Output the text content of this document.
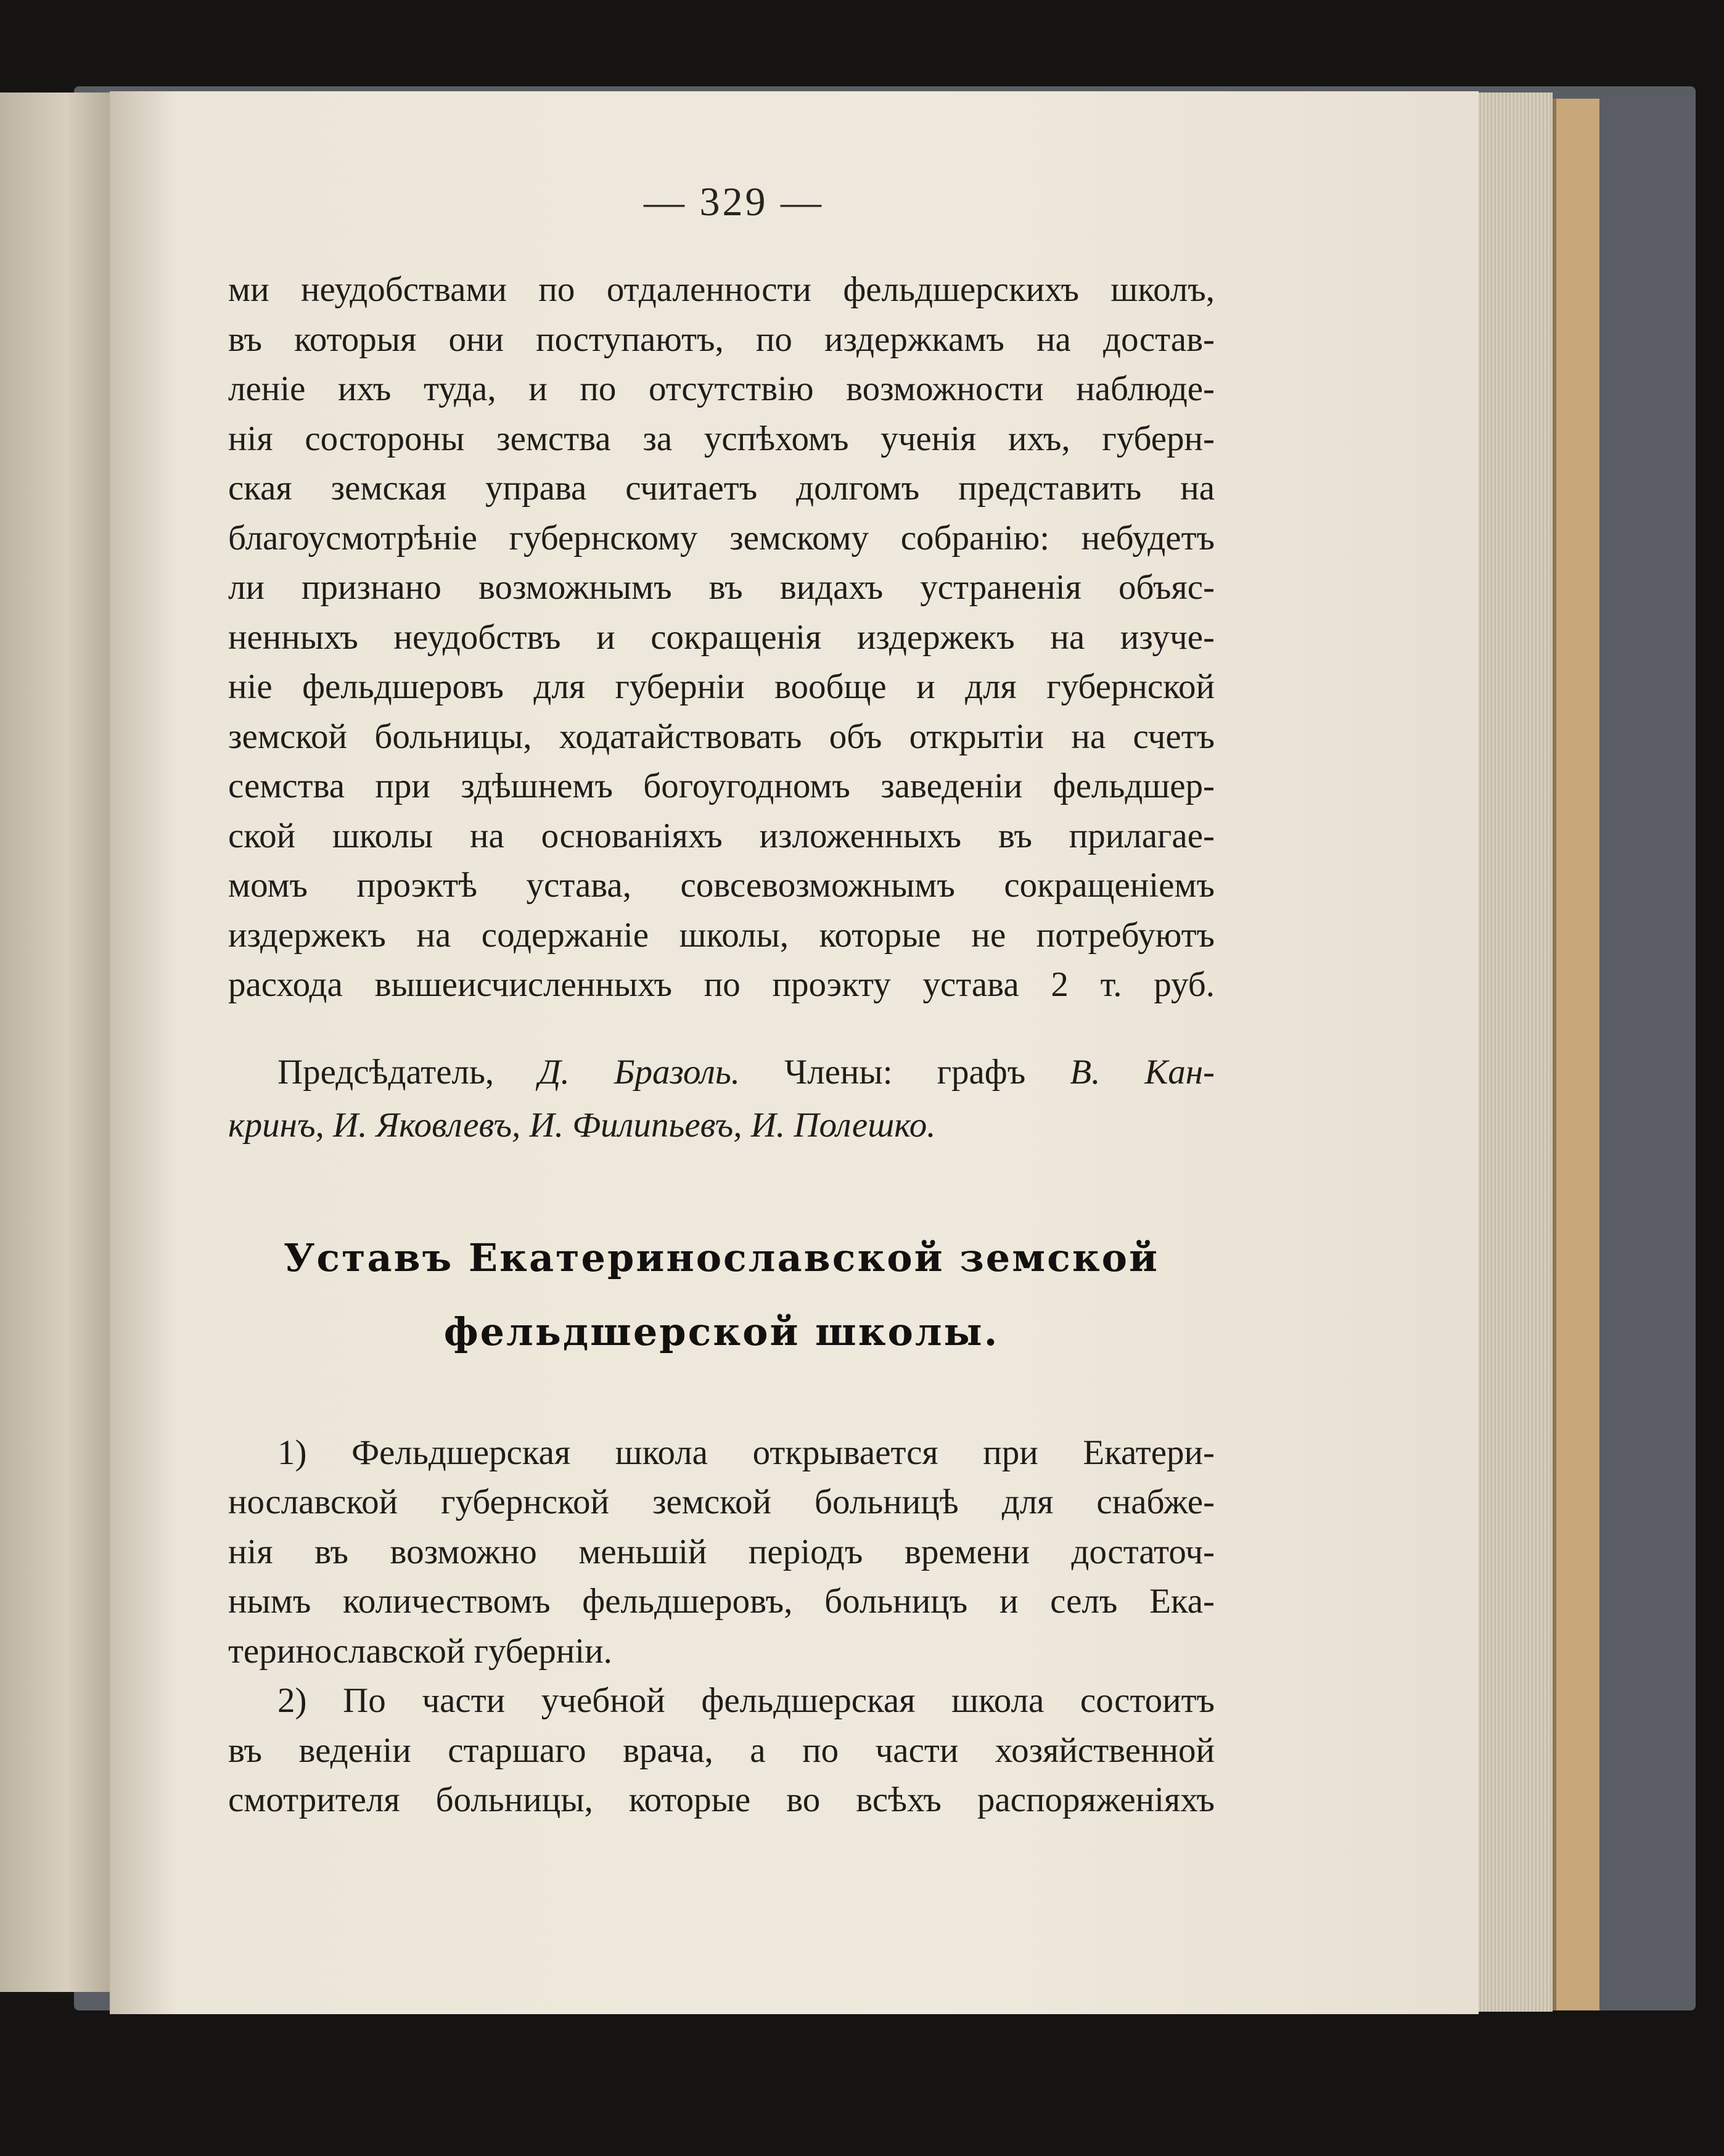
— 329 —
ми неудобствами по отдаленности фельдшерскихъ школъ,
въ которыя они поступаютъ, по издержкамъ на достав-
леніе ихъ туда, и по отсутствію возможности наблюде-
нія состороны земства за успѣхомъ ученія ихъ, губерн-
ская земская управа считаетъ долгомъ представить на
благоусмотрѣніе губернскому земскому собранію: небудетъ
ли признано возможнымъ въ видахъ устраненія объяс-
ненныхъ неудобствъ и сокращенія издержекъ на изуче-
ніе фельдшеровъ для губерніи вообще и для губернской
земской больницы, ходатайствовать объ открытіи на счетъ
семства при здѣшнемъ богоугодномъ заведеніи фельдшер-
ской школы на основаніяхъ изложенныхъ въ прилагае-
момъ проэктѣ устава, совсевозможнымъ сокращеніемъ
издержекъ на содержаніе школы, которые не потребуютъ
расхода вышеисчисленныхъ по проэкту устава 2 т. руб.
Предсѣдатель, Д. Бразоль. Члены: графъ В. Кан-
кринъ, И. Яковлевъ, И. Филипьевъ, И. Полешко.
Уставъ Екатеринославской земской
фельдшерской школы.
1) Фельдшерская школа открывается при Екатери-
нославской губернской земской больницѣ для снабже-
нія въ возможно меньшій періодъ времени достаточ-
нымъ количествомъ фельдшеровъ, больницъ и селъ Ека-
теринославской губерніи.
2) По части учебной фельдшерская школа состоитъ
въ веденіи старшаго врача, а по части хозяйственной
смотрителя больницы, которые во всѣхъ распоряженіяхъ
